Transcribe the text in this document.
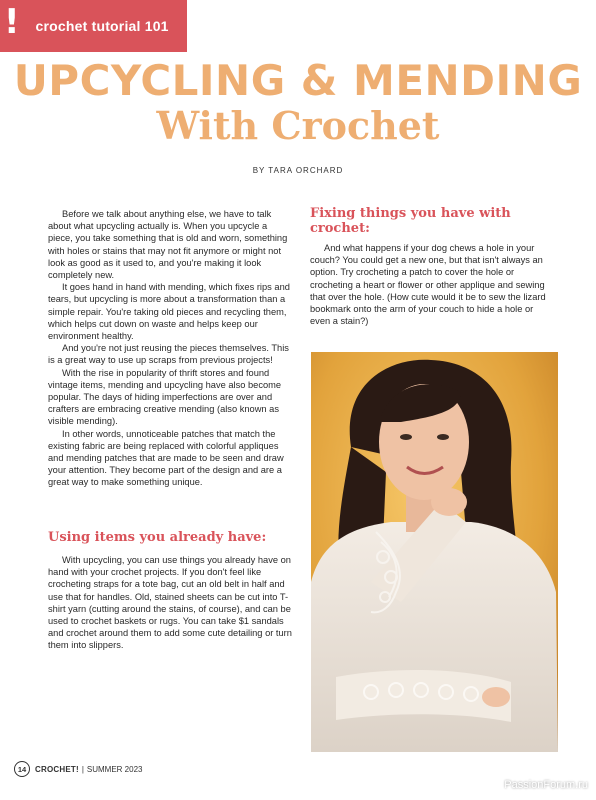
! crochet tutorial 101
UPCYCLING & MENDING
With Crochet
BY TARA ORCHARD

Before we talk about anything else, we have to talk about what upcycling actually is. When you upcycle a piece, you take something that is old and worn, something with holes or stains that may not fit anymore or might not look as good as it used to, and you're making it look completely new.

It goes hand in hand with mending, which fixes rips and tears, but upcycling is more about a transformation than a simple repair. You're taking old pieces and recycling them, which helps cut down on waste and helps keep our environment healthy.

And you're not just reusing the pieces themselves. This is a great way to use up scraps from previous projects!

With the rise in popularity of thrift stores and found vintage items, mending and upcycling have also become popular. The days of hiding imperfections are over and crafters are embracing creative mending (also known as visible mending).

In other words, unnoticeable patches that match the existing fabric are being replaced with colorful appliques and mending patches that are made to be seen and draw your attention. They become part of the design and are a great way to make something unique.

Using items you already have:

With upcycling, you can use things you already have on hand with your crochet projects. If you don't feel like crocheting straps for a tote bag, cut an old belt in half and use that for handles. Old, stained sheets can be cut into T-shirt yarn (cutting around the stains, of course), and can be used to crochet baskets or rugs. You can take $1 sandals and crochet around them to add some cute detailing or turn them into slippers.

Fixing things you have with crochet:

And what happens if your dog chews a hole in your couch? You could get a new one, but that isn't always an option. Try crocheting a patch to cover the hole or crocheting a heart or flower or other applique and sewing that over the hole. (How cute would it be to sew the lizard bookmark onto the arm of your couch to hide a hole or even a stain?)

14	CROCHET! | SUMMER 2023
PassionForum.ru
